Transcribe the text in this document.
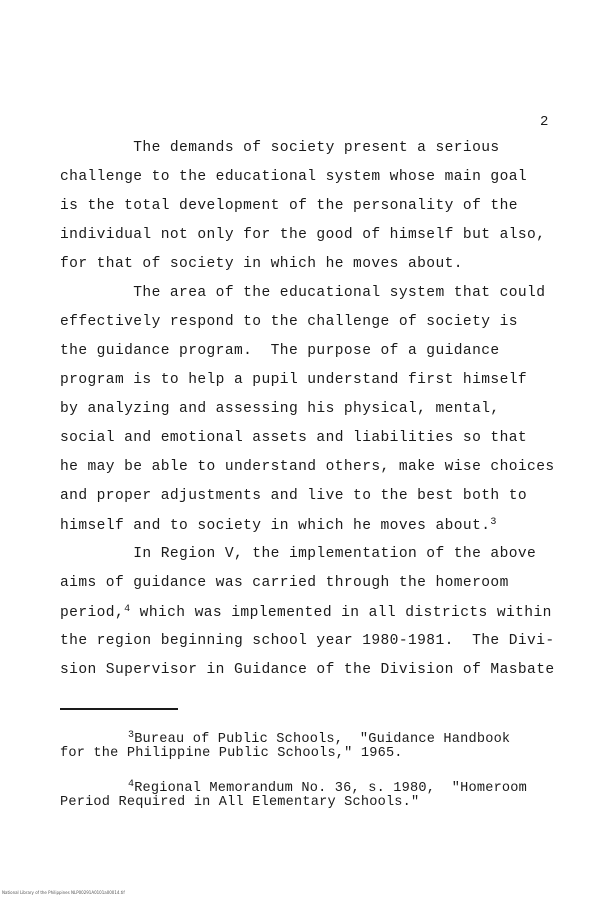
2
The demands of society present a serious
challenge to the educational system whose main goal
is the total development of the personality of the
individual not only for the good of himself but also,
for that of society in which he moves about.
The area of the educational system that could
effectively respond to the challenge of society is
the guidance program.  The purpose of a guidance
program is to help a pupil understand first himself
by analyzing and assessing his physical, mental,
social and emotional assets and liabilities so that
he may be able to understand others, make wise choices
and proper adjustments and live to the best both to
himself and to society in which he moves about.$^3$
In Region V, the implementation of the above
aims of guidance was carried through the homeroom
period,$^4$ which was implemented in all districts within
the region beginning school year 1980-1981.  The Divi-
sion Supervisor in Guidance of the Division of Masbate
$^3$Bureau of Public Schools,  "Guidance Handbook
for the Philippine Public Schools," 1965.
$^4$Regional Memorandum No. 36, s. 1980,  "Homeroom
Period Required in All Elementary Schools."
National Library of the Philippines NLP00291A0101a00014.tif
